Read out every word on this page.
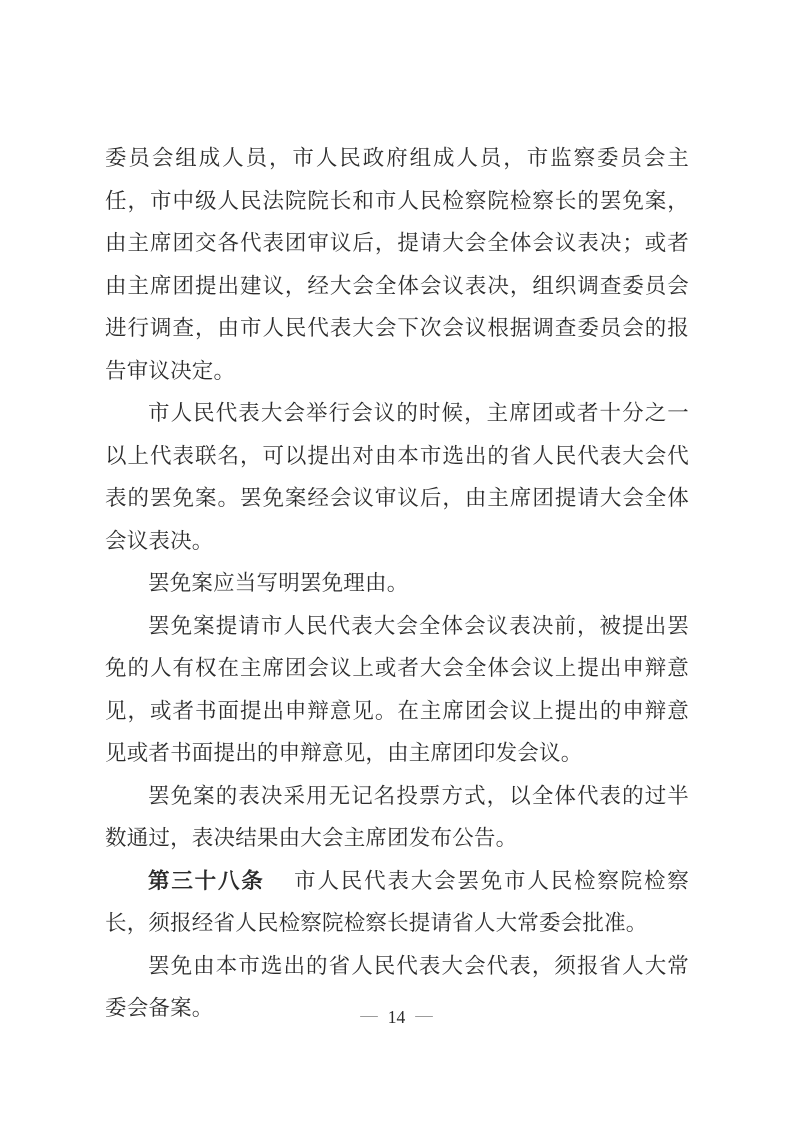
委员会组成人员，市人民政府组成人员，市监察委员会主任，市中级人民法院院长和市人民检察院检察长的罢免案，由主席团交各代表团审议后，提请大会全体会议表决；或者由主席团提出建议，经大会全体会议表决，组织调查委员会进行调查，由市人民代表大会下次会议根据调查委员会的报告审议决定。

市人民代表大会举行会议的时候，主席团或者十分之一以上代表联名，可以提出对由本市选出的省人民代表大会代表的罢免案。罢免案经会议审议后，由主席团提请大会全体会议表决。

罢免案应当写明罢免理由。

罢免案提请市人民代表大会全体会议表决前，被提出罢免的人有权在主席团会议上或者大会全体会议上提出申辩意见，或者书面提出申辩意见。在主席团会议上提出的申辩意见或者书面提出的申辩意见，由主席团印发会议。

罢免案的表决采用无记名投票方式，以全体代表的过半数通过，表决结果由大会主席团发布公告。

第三十八条 市人民代表大会罢免市人民检察院检察长，须报经省人民检察院检察长提请省人大常委会批准。

罢免由本市选出的省人民代表大会代表，须报省人大常委会备案。	— 14 —
